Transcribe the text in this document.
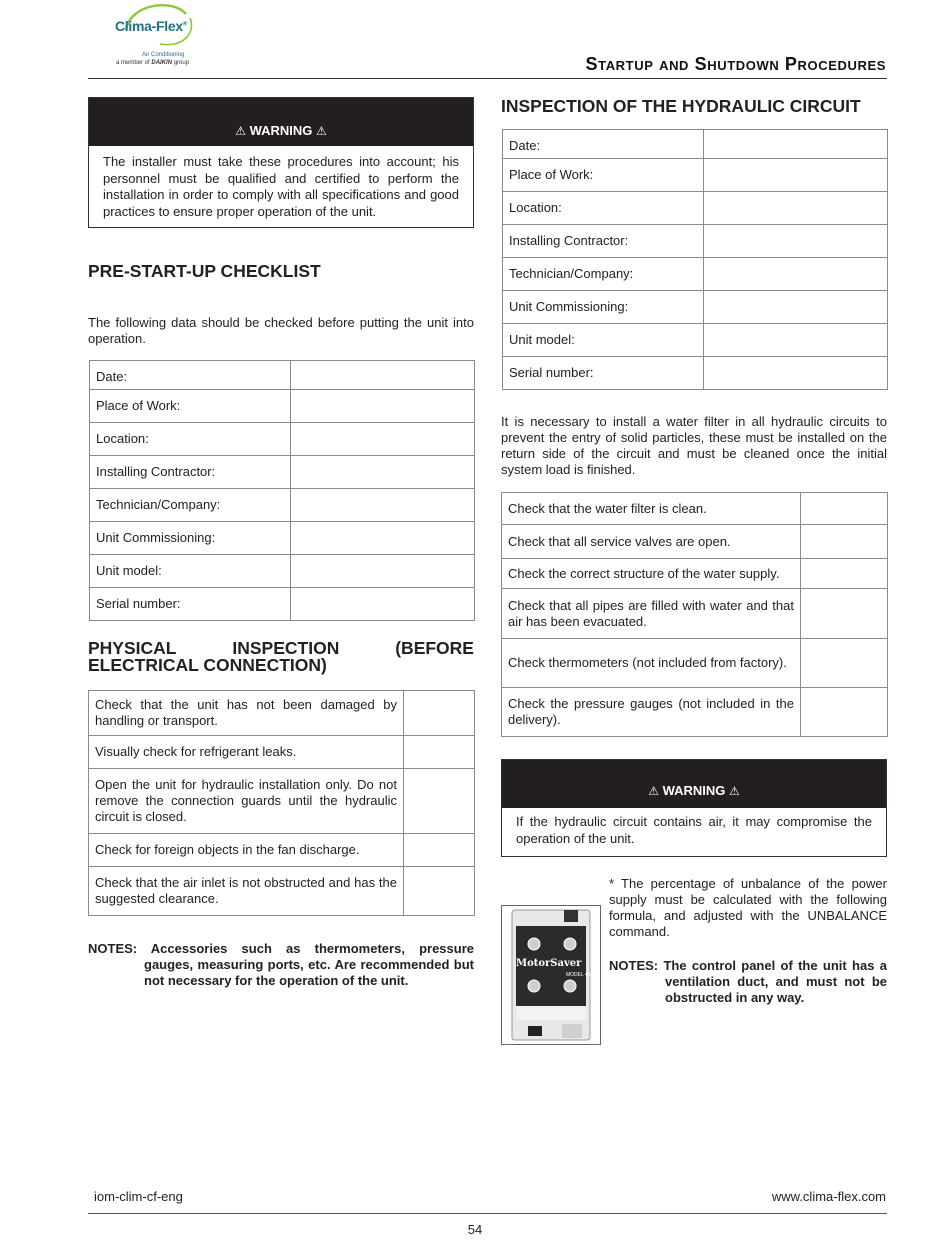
Clima-Flex®
Air Conditioning
a member of DAIKIN group	Startup and Shutdown Procedures
⚠ WARNING ⚠
The installer must take these procedures into account; his personnel must be qualified and certified to perform the installation in order to comply with all specifications and good practices to ensure proper operation of the unit.
PRE-START-UP CHECKLIST

The following data should be checked before putting the unit into operation.

Date:	
Place of Work:	
Location:	
Installing Contractor:	
Technician/Company:	
Unit Commissioning:	
Unit model:	
Serial number:	
PHYSICAL	INSPECTION	(BEFORE
ELECTRICAL CONNECTION)
Check that the unit has not been damaged by handling or transport.	
Visually check for refrigerant leaks.	
Open the unit for hydraulic installation only. Do not remove the connection guards until the hydraulic circuit is closed.	
Check for foreign objects in the fan discharge.	
Check that the air inlet is not obstructed and has the suggested clearance.	
NOTES: Accessories such as thermometers, pressure
gauges, measuring ports, etc. Are recommended but not necessary for the operation of the unit.
INSPECTION OF THE HYDRAULIC CIRCUIT
Date:	
Place of Work:	
Location:	
Installing Contractor:	
Technician/Company:	
Unit Commissioning:	
Unit model:	
Serial number:	

It is necessary to install a water filter in all hydraulic circuits to prevent the entry of solid particles, these must be installed on the return side of the circuit and must be cleaned once the initial system load is finished.

Check that the water filter is clean.	
Check that all service valves are open.	
Check the correct structure of the water supply.	
Check that all pipes are filled with water and that air has been evacuated.	
Check thermometers (not included from factory).	
Check the pressure gauges (not included in the delivery).	
⚠ WARNING ⚠
If the hydraulic circuit contains air, it may compromise the operation of the unit.
MotorSaver
MODEL 460

* The percentage of unbalance of the power supply must be calculated with the following formula, and adjusted with the UNBALANCE command.

NOTES: The control panel of the unit has a
ventilation duct, and must not be obstructed in any way.
iom-clim-cf-eng	www.clima-flex.com
54
